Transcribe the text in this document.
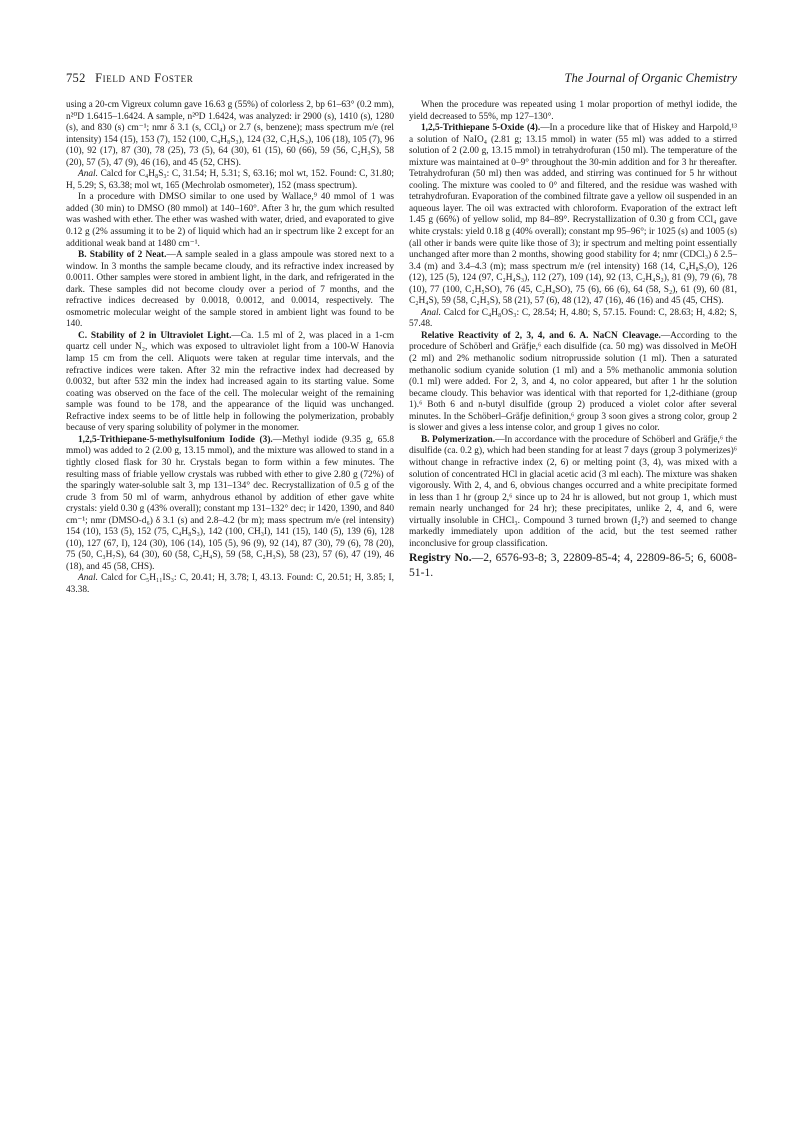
752 Field and Foster	The Journal of Organic Chemistry

using a 20-cm Vigreux column gave 16.63 g (55%) of colorless 2, bp 61–63° (0.2 mm), n²⁰D 1.6415–1.6424. A sample, n²⁰D 1.6424, was analyzed: ir 2900 (s), 1410 (s), 1280 (s), and 830 (s) cm⁻¹; nmr δ 3.1 (s, CCl₄) or 2.7 (s, benzene); mass spectrum m/e (rel intensity) 154 (15), 153 (7), 152 (100, C₄H₈S₃), 124 (32, C₂H₄S₃), 106 (18), 105 (7), 96 (10), 92 (17), 87 (30), 78 (25), 73 (5), 64 (30), 61 (15), 60 (66), 59 (56, C₂H₃S), 58 (20), 57 (5), 47 (9), 46 (16), and 45 (52, CHS).

Anal. Calcd for C₄H₈S₃: C, 31.54; H, 5.31; S, 63.16; mol wt, 152. Found: C, 31.80; H, 5.29; S, 63.38; mol wt, 165 (Mechrolab osmometer), 152 (mass spectrum).

In a procedure with DMSO similar to one used by Wallace,⁹ 40 mmol of 1 was added (30 min) to DMSO (80 mmol) at 140–160°. After 3 hr, the gum which resulted was washed with ether. The ether was washed with water, dried, and evaporated to give 0.12 g (2% assuming it to be 2) of liquid which had an ir spectrum like 2 except for an additional weak band at 1480 cm⁻¹.

B. Stability of 2 Neat.—A sample sealed in a glass ampoule was stored next to a window. In 3 months the sample became cloudy, and its refractive index increased by 0.0011. Other samples were stored in ambient light, in the dark, and refrigerated in the dark. These samples did not become cloudy over a period of 7 months, and the refractive indices decreased by 0.0018, 0.0012, and 0.0014, respectively. The osmometric molecular weight of the sample stored in ambient light was found to be 140.

C. Stability of 2 in Ultraviolet Light.—Ca. 1.5 ml of 2, was placed in a 1-cm quartz cell under N₂, which was exposed to ultraviolet light from a 100-W Hanovia lamp 15 cm from the cell. Aliquots were taken at regular time intervals, and the refractive indices were taken. After 32 min the refractive index had decreased by 0.0032, but after 532 min the index had increased again to its starting value. Some coating was observed on the face of the cell. The molecular weight of the remaining sample was found to be 178, and the appearance of the liquid was unchanged. Refractive index seems to be of little help in following the polymerization, probably because of very sparing solubility of polymer in the monomer.

1,2,5-Trithiepane-5-methylsulfonium Iodide (3).—Methyl iodide (9.35 g, 65.8 mmol) was added to 2 (2.00 g, 13.15 mmol), and the mixture was allowed to stand in a tightly closed flask for 30 hr. Crystals began to form within a few minutes. The resulting mass of friable yellow crystals was rubbed with ether to give 2.80 g (72%) of the sparingly water-soluble salt 3, mp 131–134° dec. Recrystallization of 0.5 g of the crude 3 from 50 ml of warm, anhydrous ethanol by addition of ether gave white crystals: yield 0.30 g (43% overall); constant mp 131–132° dec; ir 1420, 1390, and 840 cm⁻¹; nmr (DMSO-d₆) δ 3.1 (s) and 2.8–4.2 (br m); mass spectrum m/e (rel intensity) 154 (10), 153 (5), 152 (75, C₄H₈S₃), 142 (100, CH₃I), 141 (15), 140 (5), 139 (6), 128 (10), 127 (67, I), 124 (30), 106 (14), 105 (5), 96 (9), 92 (14), 87 (30), 79 (6), 78 (20), 75 (50, C₃H₇S), 64 (30), 60 (58, C₂H₄S), 59 (58, C₂H₃S), 58 (23), 57 (6), 47 (19), 46 (18), and 45 (58, CHS).

Anal. Calcd for C₅H₁₁IS₃: C, 20.41; H, 3.78; I, 43.13. Found: C, 20.51; H, 3.85; I, 43.38.

When the procedure was repeated using 1 molar proportion of methyl iodide, the yield decreased to 55%, mp 127–130°.

1,2,5-Trithiepane 5-Oxide (4).—In a procedure like that of Hiskey and Harpold,¹³ a solution of NaIO₄ (2.81 g; 13.15 mmol) in water (55 ml) was added to a stirred solution of 2 (2.00 g, 13.15 mmol) in tetrahydrofuran (150 ml). The temperature of the mixture was maintained at 0–9° throughout the 30-min addition and for 3 hr thereafter. Tetrahydrofuran (50 ml) then was added, and stirring was continued for 5 hr without cooling. The mixture was cooled to 0° and filtered, and the residue was washed with tetrahydrofuran. Evaporation of the combined filtrate gave a yellow oil suspended in an aqueous layer. The oil was extracted with chloroform. Evaporation of the extract left 1.45 g (66%) of yellow solid, mp 84–89°. Recrystallization of 0.30 g from CCl₄ gave white crystals: yield 0.18 g (40% overall); constant mp 95–96°; ir 1025 (s) and 1005 (s) (all other ir bands were quite like those of 3); ir spectrum and melting point essentially unchanged after more than 2 months, showing good stability for 4; nmr (CDCl₃) δ 2.5–3.4 (m) and 3.4–4.3 (m); mass spectrum m/e (rel intensity) 168 (14, C₄H₈S₃O), 126 (12), 125 (5), 124 (97, C₂H₄S₃), 112 (27), 109 (14), 92 (13, C₂H₄S₂), 81 (9), 79 (6), 78 (10), 77 (100, C₂H₅SO), 76 (45, C₂H₄SO), 75 (6), 66 (6), 64 (58, S₂), 61 (9), 60 (81, C₂H₄S), 59 (58, C₂H₃S), 58 (21), 57 (6), 48 (12), 47 (16), 46 (16) and 45 (45, CHS).

Anal. Calcd for C₄H₈OS₃: C, 28.54; H, 4.80; S, 57.15. Found: C, 28.63; H, 4.82; S, 57.48.

Relative Reactivity of 2, 3, 4, and 6. A. NaCN Cleavage.—According to the procedure of Schöberl and Gräfje,⁶ each disulfide (ca. 50 mg) was dissolved in MeOH (2 ml) and 2% methanolic sodium nitroprusside solution (1 ml). Then a saturated methanolic sodium cyanide solution (1 ml) and a 5% methanolic ammonia solution (0.1 ml) were added. For 2, 3, and 4, no color appeared, but after 1 hr the solution became cloudy. This behavior was identical with that reported for 1,2-dithiane (group 1).⁶ Both 6 and n-butyl disulfide (group 2) produced a violet color after several minutes. In the Schöberl–Gräfje definition,⁶ group 3 soon gives a strong color, group 2 is slower and gives a less intense color, and group 1 gives no color.

B. Polymerization.—In accordance with the procedure of Schöberl and Gräfje,⁶ the disulfide (ca. 0.2 g), which had been standing for at least 7 days (group 3 polymerizes)⁶ without change in refractive index (2, 6) or melting point (3, 4), was mixed with a solution of concentrated HCl in glacial acetic acid (3 ml each). The mixture was shaken vigorously. With 2, 4, and 6, obvious changes occurred and a white precipitate formed in less than 1 hr (group 2,⁶ since up to 24 hr is allowed, but not group 1, which must remain nearly unchanged for 24 hr); these precipitates, unlike 2, 4, and 6, were virtually insoluble in CHCl₃. Compound 3 turned brown (I₂?) and seemed to change markedly immediately upon addition of the acid, but the test seemed rather inconclusive for group classification.

Registry No.—2, 6576-93-8; 3, 22809-85-4; 4, 22809-86-5; 6, 6008-51-1.
